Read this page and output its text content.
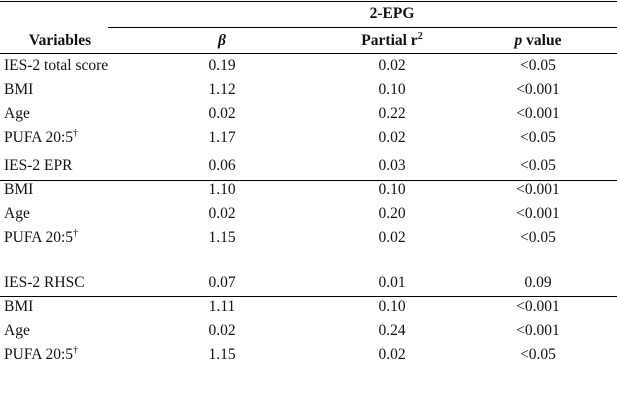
2-EPG
Variables	β	Partial $r^2$	p value
IES-2 total score	0.19	0.02	<0.05
BMI	1.12	0.10	<0.001
Age	0.02	0.22	<0.001
PUFA 20:5†	1.17	0.02	<0.05
IES-2 EPR	0.06	0.03	<0.05
BMI	1.10	0.10	<0.001
Age	0.02	0.20	<0.001
PUFA 20:5†	1.15	0.02	<0.05
IES-2 RHSC	0.07	0.01	0.09
BMI	1.11	0.10	<0.001
Age	0.02	0.24	<0.001
PUFA 20:5†	1.15	0.02	<0.05
